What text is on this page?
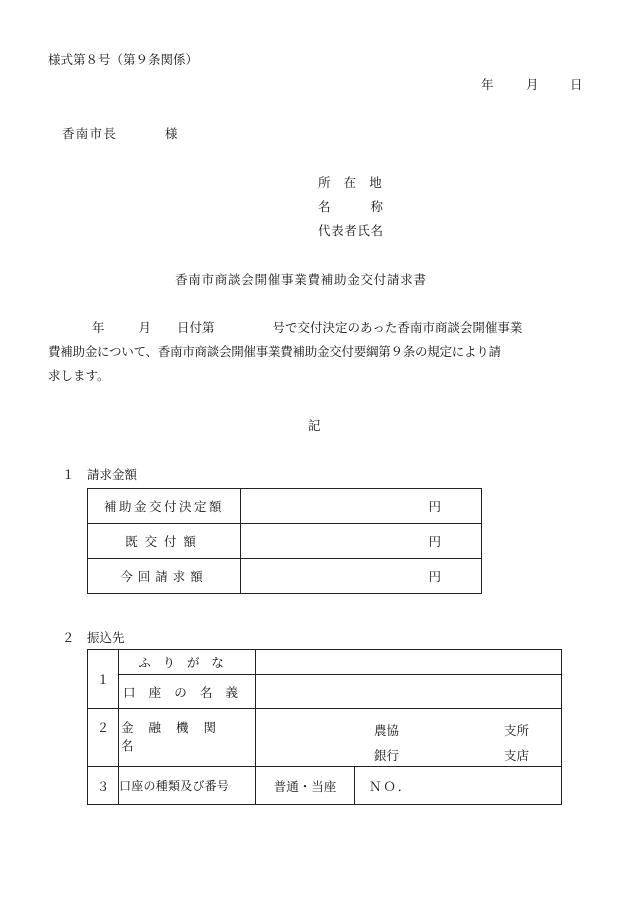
様式第８号（第９条関係）
年	月	日
香南市長	様
所在地
名称
代表者氏名
香南市商談会開催事業費補助金交付請求書
年	月 日付第	号で交付決定のあった香南市商談会開催事業
費補助金について、香南市商談会開催事業費補助金交付要綱第９条の規定により請
求します。
記
１　請求金額
補助金交付決定額	円
既交付額	円
今回請求額	円
２　振込先
１	ふりがな		
	口座の名義		
２	金融機関名	農協 支所
銀行 支店	

３	口座の種類及び番号	普通・当座	ＮＯ．
